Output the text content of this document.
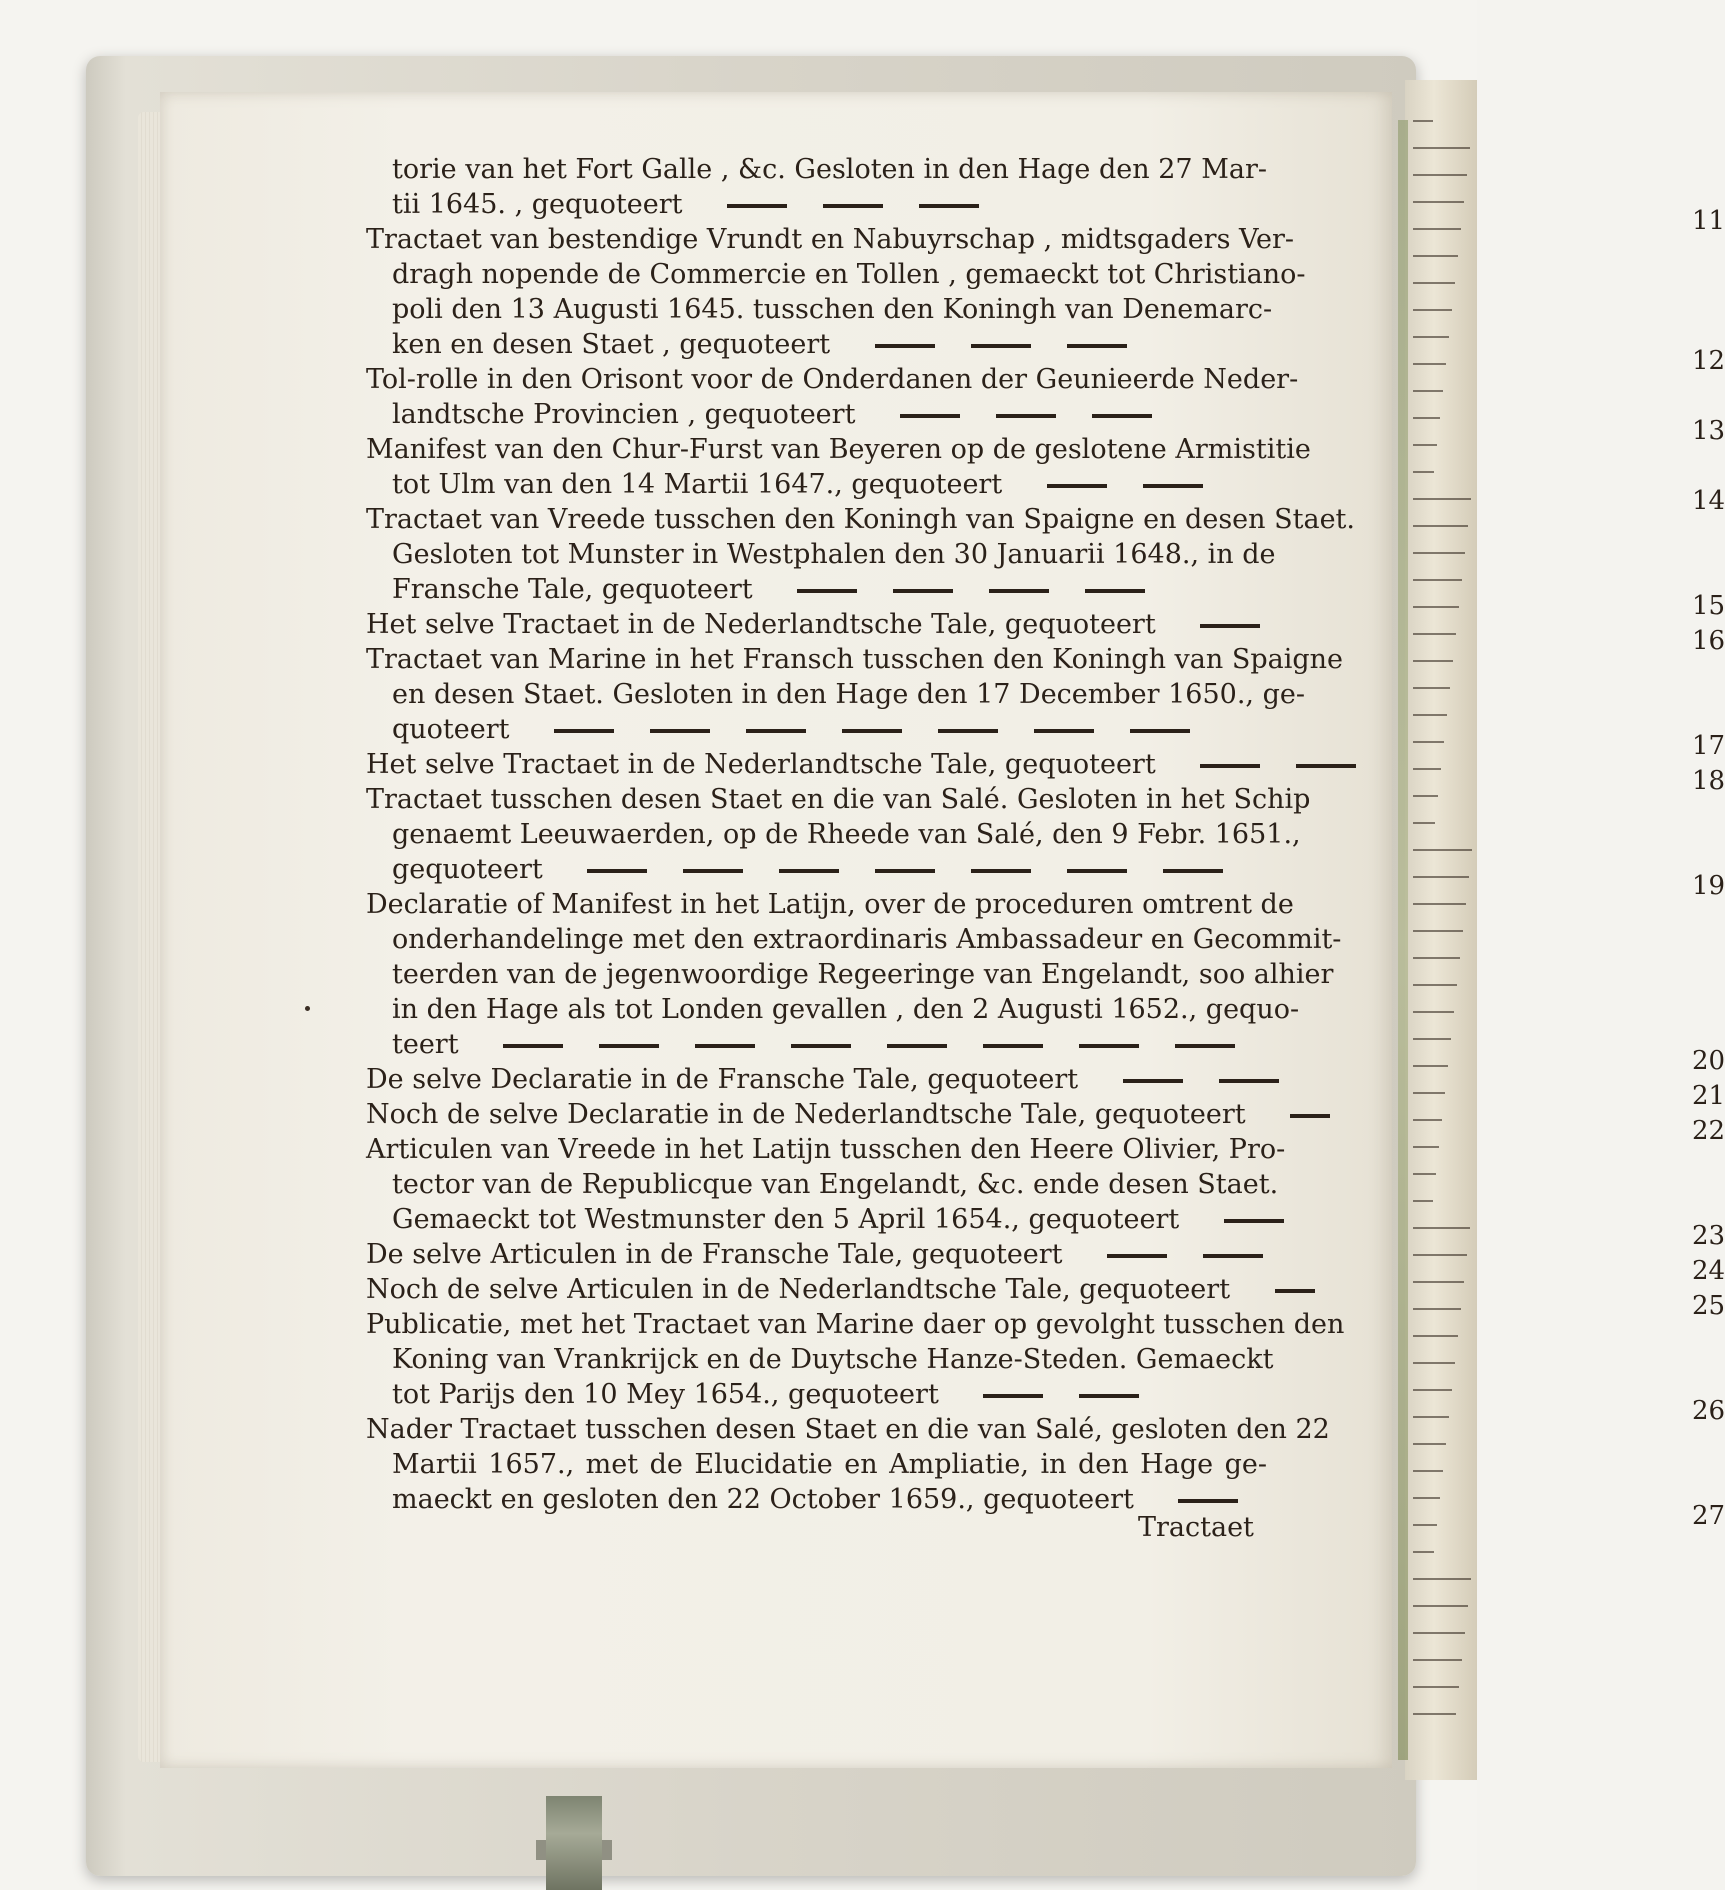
torie van het Fort Galle , &c. Gesloten in den Hage den 27 Mar-
tii 1645. , gequoteert
11
Tractaet van bestendige Vrundt en Nabuyrschap , midtsgaders Ver-
dragh nopende de Commercie en Tollen , gemaeckt tot Christiano-
poli den 13 Augusti 1645. tusschen den Koningh van Denemarc-
ken en desen Staet , gequoteert
12
Tol-rolle in den Orisont voor de Onderdanen der Geunieerde Neder-
landtsche Provincien , gequoteert
13
Manifest van den Chur-Furst van Beyeren op de geslotene Armistitie
tot Ulm van den 14 Martii 1647., gequoteert
14
Tractaet van Vreede tusschen den Koningh van Spaigne en desen Staet.
Gesloten tot Munster in Westphalen den 30 Januarii 1648., in de
Fransche Tale, gequoteert
15
Het selve Tractaet in de Nederlandtsche Tale, gequoteert
16
Tractaet van Marine in het Fransch tusschen den Koningh van Spaigne
en desen Staet. Gesloten in den Hage den 17 December 1650., ge-
quoteert
17
Het selve Tractaet in de Nederlandtsche Tale, gequoteert
18
Tractaet tusschen desen Staet en die van Salé. Gesloten in het Schip
genaemt Leeuwaerden, op de Rheede van Salé, den 9 Febr. 1651.,
gequoteert
19
Declaratie of Manifest in het Latijn, over de proceduren omtrent de
onderhandelinge met den extraordinaris Ambassadeur en Gecommit-
teerden van de jegenwoordige Regeeringe van Engelandt, soo alhier
in den Hage als tot Londen gevallen , den 2 Augusti 1652., gequo-
teert
20
De selve Declaratie in de Fransche Tale, gequoteert
21
Noch de selve Declaratie in de Nederlandtsche Tale, gequoteert
22
Articulen van Vreede in het Latijn tusschen den Heere Olivier, Pro-
tector van de Republicque van Engelandt, &c. ende desen Staet.
Gemaeckt tot Westmunster den 5 April 1654., gequoteert
23
De selve Articulen in de Fransche Tale, gequoteert
24
Noch de selve Articulen in de Nederlandtsche Tale, gequoteert
25
Publicatie, met het Tractaet van Marine daer op gevolght tusschen den
Koning van Vrankrijck en de Duytsche Hanze-Steden. Gemaeckt
tot Parijs den 10 Mey 1654., gequoteert
26
Nader Tractaet tusschen desen Staet en die van Salé, gesloten den 22
Martii 1657., met de Elucidatie en Ampliatie, in den Hage ge-
maeckt en gesloten den 22 October 1659., gequoteert
27
Tractaet
